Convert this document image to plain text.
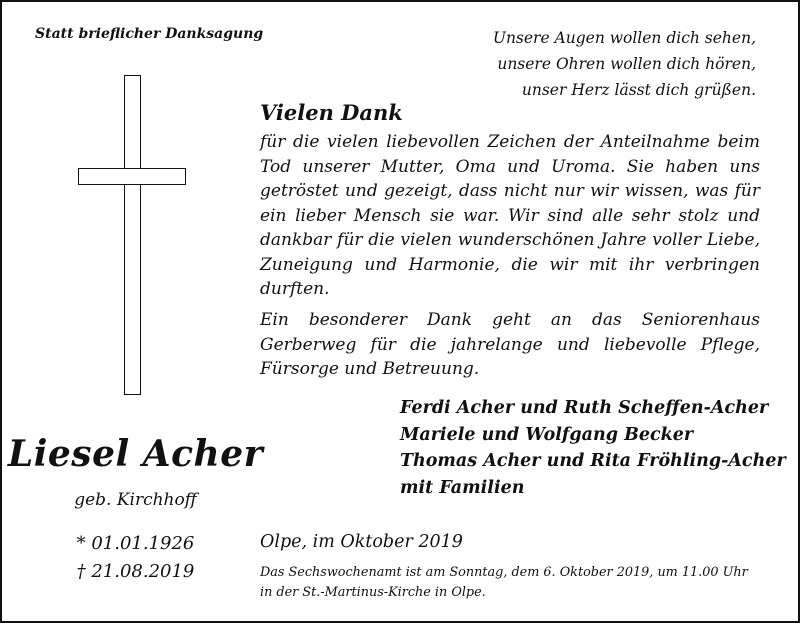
Statt brieflicher Danksagung	Unsere Augen wollen dich sehen,
unsere Ohren wollen dich hören,
unser Herz lässt dich grüßen.
Liesel Acher
geb. Kirchhoff
* 01.01.1926
† 21.08.2019
Vielen Dank
für die vielen liebevollen Zeichen der Anteilnahme beim Tod unserer Mutter, Oma und Uroma. Sie haben uns getröstet und gezeigt, dass nicht nur wir wissen, was für ein lieber Mensch sie war. Wir sind alle sehr stolz und dankbar für die vielen wunderschönen Jahre voller Liebe, Zuneigung und Harmonie, die wir mit ihr verbringen durften.
Ein besonderer Dank geht an das Seniorenhaus Gerberweg für die jahrelange und liebevolle Pflege, Fürsorge und Betreuung.
Ferdi Acher und Ruth Scheffen-Acher
Mariele und Wolfgang Becker
Thomas Acher und Rita Fröhling-Acher
mit Familien
Olpe, im Oktober 2019
Das Sechswochenamt ist am Sonntag, dem 6. Oktober 2019, um 11.00 Uhr
in der St.-Martinus-Kirche in Olpe.
